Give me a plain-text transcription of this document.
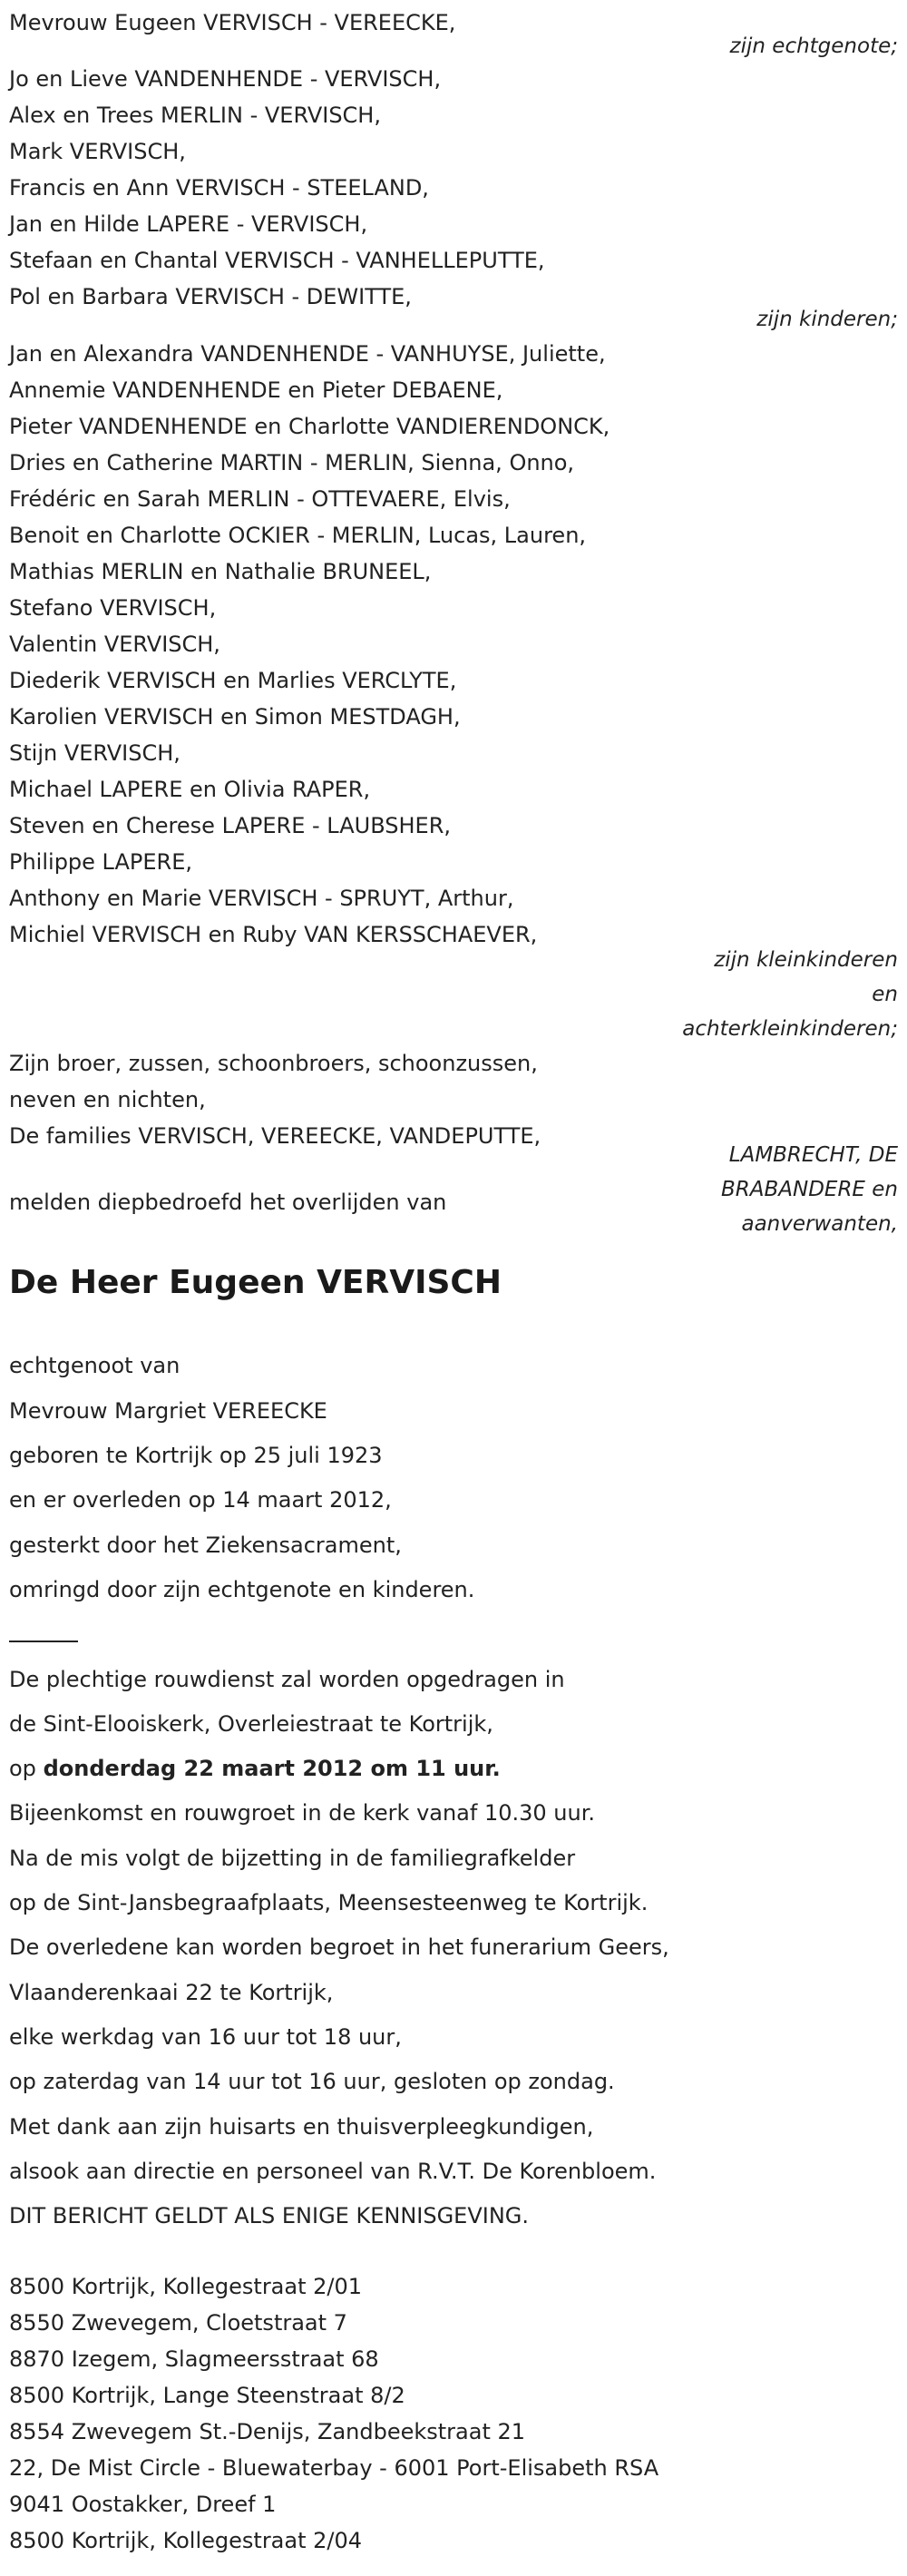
Mevrouw Eugeen VERVISCH - VEREECKE,
zijn echtgenote;
Jo en Lieve VANDENHENDE - VERVISCH,
Alex en Trees MERLIN - VERVISCH,
Mark VERVISCH,
Francis en Ann VERVISCH - STEELAND,
Jan en Hilde LAPERE - VERVISCH,
Stefaan en Chantal VERVISCH - VANHELLEPUTTE,
Pol en Barbara VERVISCH - DEWITTE,
zijn kinderen;
Jan en Alexandra VANDENHENDE - VANHUYSE, Juliette,
Annemie VANDENHENDE en Pieter DEBAENE,
Pieter VANDENHENDE en Charlotte VANDIERENDONCK,
Dries en Catherine MARTIN - MERLIN, Sienna, Onno,
Frédéric en Sarah MERLIN - OTTEVAERE, Elvis,
Benoit en Charlotte OCKIER - MERLIN, Lucas, Lauren,
Mathias MERLIN en Nathalie BRUNEEL,
Stefano VERVISCH,
Valentin VERVISCH,
Diederik VERVISCH en Marlies VERCLYTE,
Karolien VERVISCH en Simon MESTDAGH,
Stijn VERVISCH,
Michael LAPERE en Olivia RAPER,
Steven en Cherese LAPERE - LAUBSHER,
Philippe LAPERE,
Anthony en Marie VERVISCH - SPRUYT, Arthur,
Michiel VERVISCH en Ruby VAN KERSSCHAEVER,
zijn kleinkinderen
en
achterkleinkinderen;
Zijn broer, zussen, schoonbroers, schoonzussen,
neven en nichten,
De families VERVISCH, VEREECKE, VANDEPUTTE,
LAMBRECHT, DE
BRABANDERE en
aanverwanten,
melden diepbedroefd het overlijden van
De Heer Eugeen VERVISCH
echtgenoot van
Mevrouw Margriet VEREECKE
geboren te Kortrijk op 25 juli 1923
en er overleden op 14 maart 2012,
gesterkt door het Ziekensacrament,
omringd door zijn echtgenote en kinderen.
De plechtige rouwdienst zal worden opgedragen in
de Sint-Elooiskerk, Overleiestraat te Kortrijk,
op donderdag 22 maart 2012 om 11 uur.
Bijeenkomst en rouwgroet in de kerk vanaf 10.30 uur.
Na de mis volgt de bijzetting in de familiegrafkelder
op de Sint-Jansbegraafplaats, Meensesteenweg te Kortrijk.
De overledene kan worden begroet in het funerarium Geers,
Vlaanderenkaai 22 te Kortrijk,
elke werkdag van 16 uur tot 18 uur,
op zaterdag van 14 uur tot 16 uur, gesloten op zondag.
Met dank aan zijn huisarts en thuisverpleegkundigen,
alsook aan directie en personeel van R.V.T. De Korenbloem.
DIT BERICHT GELDT ALS ENIGE KENNISGEVING.
8500 Kortrijk, Kollegestraat 2/01
8550 Zwevegem, Cloetstraat 7
8870 Izegem, Slagmeersstraat 68
8500 Kortrijk, Lange Steenstraat 8/2
8554 Zwevegem St.-Denijs, Zandbeekstraat 21
22, De Mist Circle - Bluewaterbay - 6001 Port-Elisabeth RSA
9041 Oostakker, Dreef 1
8500 Kortrijk, Kollegestraat 2/04
